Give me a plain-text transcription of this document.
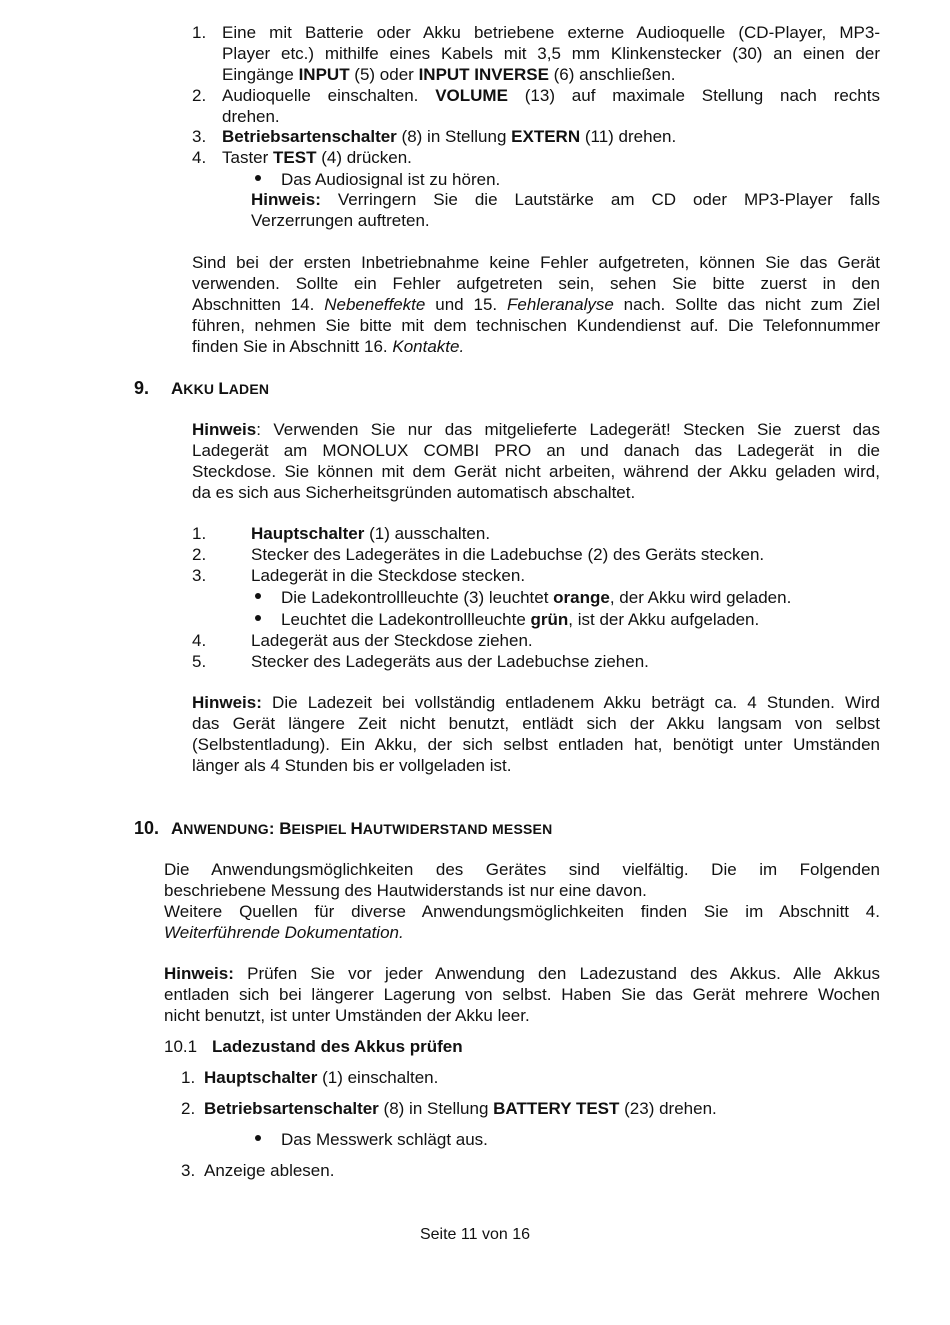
1. Eine mit Batterie oder Akku betriebene externe Audioquelle (CD-Player, MP3-
Player etc.) mithilfe eines Kabels mit 3,5 mm Klinkenstecker (30) an einen der
Eingänge INPUT (5) oder INPUT INVERSE (6) anschließen.
2. Audioquelle einschalten. VOLUME (13) auf maximale Stellung nach rechts
drehen.
3. Betriebsartenschalter (8) in Stellung EXTERN (11) drehen.
4. Taster TEST (4) drücken.
Das Audiosignal ist zu hören.
Hinweis: Verringern Sie die Lautstärke am CD oder MP3-Player falls
Verzerrungen auftreten.
Sind bei der ersten Inbetriebnahme keine Fehler aufgetreten, können Sie das Gerät
verwenden. Sollte ein Fehler aufgetreten sein, sehen Sie bitte zuerst in den
Abschnitten 14. Nebeneffekte und 15. Fehleranalyse nach. Sollte das nicht zum Ziel
führen, nehmen Sie bitte mit dem technischen Kundendienst auf. Die Telefonnummer
finden Sie in Abschnitt 16. Kontakte.
9. AKKU LADEN
Hinweis: Verwenden Sie nur das mitgelieferte Ladegerät! Stecken Sie zuerst das
Ladegerät am MONOLUX COMBI PRO an und danach das Ladegerät in die
Steckdose. Sie können mit dem Gerät nicht arbeiten, während der Akku geladen wird,
da es sich aus Sicherheitsgründen automatisch abschaltet.
1.	Hauptschalter (1) ausschalten.
2.	Stecker des Ladegerätes in die Ladebuchse (2) des Geräts stecken.
3.	Ladegerät in die Steckdose stecken.
Die Ladekontrollleuchte (3) leuchtet orange, der Akku wird geladen.
Leuchtet die Ladekontrollleuchte grün, ist der Akku aufgeladen.
4.	Ladegerät aus der Steckdose ziehen.
5.	Stecker des Ladegeräts aus der Ladebuchse ziehen.
Hinweis: Die Ladezeit bei vollständig entladenem Akku beträgt ca. 4 Stunden. Wird
das Gerät längere Zeit nicht benutzt, entlädt sich der Akku langsam von selbst
(Selbstentladung). Ein Akku, der sich selbst entladen hat, benötigt unter Umständen
länger als 4 Stunden bis er vollgeladen ist.
10. ANWENDUNG: BEISPIEL HAUTWIDERSTAND MESSEN
Die Anwendungsmöglichkeiten des Gerätes sind vielfältig. Die im Folgenden
beschriebene Messung des Hautwiderstands ist nur eine davon.
Weitere Quellen für diverse Anwendungsmöglichkeiten finden Sie im Abschnitt 4.
Weiterführende Dokumentation.
Hinweis: Prüfen Sie vor jeder Anwendung den Ladezustand des Akkus. Alle Akkus
entladen sich bei längerer Lagerung von selbst. Haben Sie das Gerät mehrere Wochen
nicht benutzt, ist unter Umständen der Akku leer.
10.1 Ladezustand des Akkus prüfen
1. Hauptschalter (1) einschalten.
2. Betriebsartenschalter (8) in Stellung BATTERY TEST (23) drehen.
Das Messwerk schlägt aus.
3. Anzeige ablesen.
Seite 11 von 16
